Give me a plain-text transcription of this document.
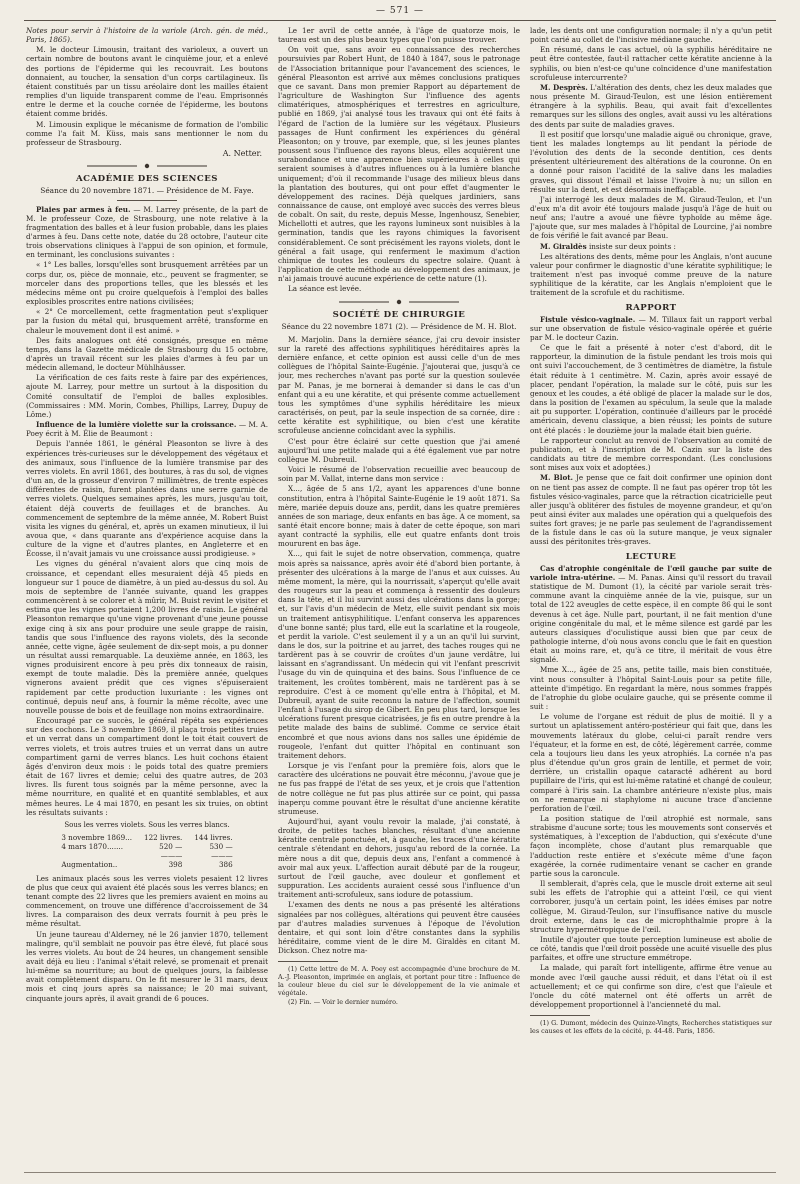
— 571 —

Notes pour servir à l'histoire de la variole (Arch. gén. de méd., Paris, 1865).

M. le docteur Limousin, traitant des varioleux, a ouvert un certain nombre de boutons avant le cinquième jour, et a enlevé des portions de l'épiderme qui les recouvrait. Les boutons donnaient, au toucher, la sensation d'un corps cartilagineux. Ils étaient constitués par un tissu aréolaire dont les mailles étaient remplies d'un liquide transparent comme de l'eau. Emprisonnés entre le derme et la couche cornée de l'épiderme, les boutons étaient comme bridés.

M. Limousin explique le mécanisme de formation de l'ombilic comme l'a fait M. Küss, mais sans mentionner le nom du professeur de Strasbourg.

A. Netter.
ACADÉMIE DES SCIENCES
Séance du 20 novembre 1871. — Présidence de M. Faye.

Plaies par armes à feu. — M. Larrey présente, de la part de M. le professeur Coze, de Strasbourg, une note relative à la fragmentation des balles et à leur fusion probable, dans les plaies d'armes à feu. Dans cette note, datée du 28 octobre, l'auteur cite trois observations cliniques à l'appui de son opinion, et formule, en terminant, les conclusions suivantes :

« 1° Les balles, lorsqu'elles sont brusquement arrêtées par un corps dur, os, pièce de monnaie, etc., peuvent se fragmenter, se morceler dans des proportions telles, que les blessés et les médecins même ont pu croire quelquefois à l'emploi des balles explosibles proscrites entre nations civilisées;

« 2° Ce morcellement, cette fragmentation peut s'expliquer par la fusion du métal qui, brusquement arrêté, transforme en chaleur le mouvement dont il est animé. »

Des faits analogues ont été consignés, presque en même temps, dans la Gazette médicale de Strasbourg du 15 octobre, d'après un travail récent sur les plaies d'armes à feu par un médecin allemand, le docteur Mühlhäusser.

La vérification de ces faits reste à faire par des expériences, ajoute M. Larrey, pour mettre un surtout à la disposition du Comité consultatif de l'emploi de balles explosibles. (Commissaires : MM. Morin, Combes, Phillips, Larrey, Dupuy de Lôme.)

Influence de la lumière violette sur la croissance. — M. A. Poey écrit à M. Élie de Beaumont :

Depuis l'année 1861, le général Pleasonton se livre à des expériences très-curieuses sur le développement des végétaux et des animaux, sous l'influence de la lumière transmise par des verres violets. En avril 1861, des boutures, à ras du sol, de vignes d'un an, de la grosseur d'environ 7 millimètres, de trente espèces différentes de raisin, furent plantées dans une serre garnie de verres violets. Quelques semaines après, les murs, jusqu'au toit, étaient déjà couverts de feuillages et de branches. Au commencement de septembre de la même année, M. Robert Buist visita les vignes du général, et, après un examen minutieux, il lui avoua que, « dans quarante ans d'expérience acquise dans la culture de la vigne et d'autres plantes, en Angleterre et en Écosse, il n'avait jamais vu une croissance aussi prodigieuse. »

Les vignes du général n'avaient alors que cinq mois de croissance, et cependant elles mesuraient déjà 45 pieds en longueur sur 1 pouce de diamètre, à un pied au-dessus du sol. Au mois de septembre de l'année suivante, quand les grappes commencèrent à se colorer et à mûrir, M. Buist revint le visiter et estima que les vignes portaient 1,200 livres de raisin. Le général Pleasonton remarque qu'une vigne provenant d'une jeune pousse exige cinq à six ans pour produire une seule grappe de raisin, tandis que sous l'influence des rayons violets, dès la seconde année, cette vigne, âgée seulement de dix-sept mois, a pu donner un résultat aussi remarquable. La deuxième année, en 1863, les vignes produisirent encore à peu près dix tonneaux de raisin, exempt de toute maladie. Dès la première année, quelques vignerons avaient prédit que ces vignes s'épuiseraient rapidement par cette production luxuriante : les vignes ont continué, depuis neuf ans, à fournir la même récolte, avec une nouvelle pousse de bois et de feuillage non moins extraordinaire.

Encouragé par ce succès, le général répéta ses expériences sur des cochons. Le 3 novembre 1869, il plaça trois petites truies et un verrat dans un compartiment dont le toit était couvert de verres violets, et trois autres truies et un verrat dans un autre compartiment garni de verres blancs. Les huit cochons étaient âgés d'environ deux mois : le poids total des quatre premiers était de 167 livres et demie; celui des quatre autres, de 203 livres. Ils furent tous soignés par la même personne, avec la même nourriture, en qualité et en quantité semblables, et aux mêmes heures. Le 4 mai 1870, en pesant les six truies, on obtint les résultats suivants :

Sous les verres violets. Sous les verres blancs.
3 novembre 1869...	122 livres.	144 livres.
4 mars 1870.......	520 —	530 —
	———	———
Augmentation..	398	386

Les animaux placés sous les verres violets pesaient 12 livres de plus que ceux qui avaient été placés sous les verres blancs; en tenant compte des 22 livres que les premiers avaient en moins au commencement, on trouve une différence d'accroissement de 34 livres. La comparaison des deux verrats fournit à peu près le même résultat.

Un jeune taureau d'Alderney, né le 26 janvier 1870, tellement malingre, qu'il semblait ne pouvoir pas être élevé, fut placé sous les verres violets. Au bout de 24 heures, un changement sensible avait déjà eu lieu : l'animal s'était relevé, se promenait et prenait lui-même sa nourriture; au bout de quelques jours, la faiblesse avait complètement disparu. On le fit mesurer le 31 mars, deux mois et cinq jours après sa naissance; le 20 mai suivant, cinquante jours après, il avait grandi de 6 pouces.

Le 1er avril de cette année, à l'âge de quatorze mois, le taureau est un des plus beaux types que l'on puisse trouver.

On voit que, sans avoir eu connaissance des recherches poursuivies par Robert Hunt, de 1840 à 1847, sous le patronage de l'Association britannique pour l'avancement des sciences, le général Pleasonton est arrivé aux mêmes conclusions pratiques que ce savant. Dans mon premier Rapport au département de l'agriculture de Washington Sur l'influence des agents climatériques, atmosphériques et terrestres en agriculture, publié en 1869, j'ai analysé tous les travaux qui ont été faits à l'égard de l'action de la lumière sur les végétaux. Plusieurs passages de Hunt confirment les expériences du général Pleasonton; on y trouve, par exemple, que, si les jeunes plantes poussent sous l'influence des rayons bleus, elles acquièrent une surabondance et une apparence bien supérieures à celles qui seraient soumises à d'autres influences ou à la lumière blanche uniquement; d'où il recommande l'usage des milieux bleus dans la plantation des boutures, qui ont pour effet d'augmenter le développement des racines. Déjà quelques jardiniers, sans connaissance de cause, ont employé avec succès des verres bleus de cobalt. On sait, du reste, depuis Messe, Ingenhousz, Senebier, Michellotti et autres, que les rayons lumineux sont nuisibles à la germination, tandis que les rayons chimiques la favorisent considérablement. Ce sont précisément les rayons violets, dont le général a fait usage, qui renferment le maximum d'action chimique de toutes les couleurs du spectre solaire. Quant à l'application de cette méthode au développement des animaux, je n'ai jamais trouvé aucune expérience de cette nature (1).

La séance est levée.

SOCIÉTÉ DE CHIRURGIE
Séance du 22 novembre 1871 (2). — Présidence de M. H. Blot.

M. Marjolin. Dans la dernière séance, j'ai cru devoir insister sur la rareté des affections syphilitiques héréditaires après la dernière enfance, et cette opinion est aussi celle d'un de mes collègues de l'hôpital Sainte-Eugénie. J'ajouterai que, jusqu'à ce jour, mes recherches n'avant pas porté sur la question soulevée par M. Panas, je me bornerai à demander si dans le cas d'un enfant qui a eu une kératite, et qui présente comme actuellement tous les symptômes d'une syphilis héréditaire les mieux caractérisés, on peut, par la seule inspection de sa cornée, dire : cette kératite est syphilitique, ou bien c'est une kératite scrofuleuse ancienne coïncidant avec la syphilis.

C'est pour être éclairé sur cette question que j'ai amené aujourd'hui une petite malade qui a été également vue par notre collègue M. Dubreuil.

Voici le résumé de l'observation recueillie avec beaucoup de soin par M. Vallat, interne dans mon service :

X..., âgée de 5 ans 1/2, ayant les apparences d'une bonne constitution, entra à l'hôpital Sainte-Eugénie le 19 août 1871. Sa mère, mariée depuis douze ans, perdit, dans les quatre premières années de son mariage, deux enfants en bas âge. A ce moment, sa santé était encore bonne; mais à dater de cette époque, son mari ayant contracté la syphilis, elle eut quatre enfants dont trois moururent en bas âge.

X..., qui fait le sujet de notre observation, commença, quatre mois après sa naissance, après avoir été d'abord bien portante, à présenter des ulcérations à la marge de l'anus et aux cuisses. Au même moment, la mère, qui la nourrissait, s'aperçut qu'elle avait des rougeurs sur la peau et commença à ressentir des douleurs dans la tête, et il lui survint aussi des ulcérations dans la gorge; et, sur l'avis d'un médecin de Metz, elle suivit pendant six mois un traitement antisyphilitique. L'enfant conserva les apparences d'une bonne santé; plus tard, elle eut la scarlatine et la rougeole, et perdit la variole. C'est seulement il y a un an qu'il lui survint, dans le dos, sur la poitrine et au jarret, des taches rouges qui ne tardèrent pas à se couvrir de croûtes d'un jaune verdâtre, lui laissant en s'agrandissant. Un médecin qui vit l'enfant prescrivit l'usage du vin de quinquina et des bains. Sous l'influence de ce traitement, les croûtes tombèrent, mais ne tardèrent pas à se reproduire. C'est à ce moment qu'elle entra à l'hôpital, et M. Dubreuil, ayant de suite reconnu la nature de l'affection, soumit l'enfant à l'usage du sirop de Gibert. En peu plus tard, lorsque les ulcérations furent presque cicatrisées, je fis en outre prendre à la petite malade des bains de sublimé. Comme ce service était encombré et que nous avions dans nos salles une épidémie de rougeole, l'enfant dut quitter l'hôpital en continuant son traitement dehors.

Lorsque je vis l'enfant pour la première fois, alors que le caractère des ulcérations ne pouvait être méconnu, j'avoue que je ne fus pas frappé de l'état de ses yeux, et je crois que l'attention de notre collègue ne fut pas plus attirée sur ce point, qui passa inaperçu comme pouvant être le résultat d'une ancienne kératite strumeuse.

Aujourd'hui, ayant voulu revoir la malade, j'ai constaté, à droite, de petites taches blanches, résultant d'une ancienne kératite centrale ponctuée, et, à gauche, les traces d'une kératite centrale s'étendant en dehors, jusqu'au rebord de la cornée. La mère nous a dit que, depuis deux ans, l'enfant a commencé à avoir mal aux yeux. L'affection aurait débuté par de la rougeur, surtout de l'œil gauche, avec douleur et gonflement et suppuration. Les accidents auraient cessé sous l'influence d'un traitement anti-scrofuleux, sans iodure de potassium.

L'examen des dents ne nous a pas présenté les altérations signalées par nos collègues, altérations qui peuvent être causées par d'autres maladies survenues à l'époque de l'évolution dentaire, et qui sont loin d'être constantes dans la syphilis héréditaire, comme vient de le dire M. Giraldès en citant M. Dickson. Chez notre ma-

(1) Cette lettre de M. A. Poey est accompagnée d'une brochure de M. A.-J. Pleasonton, imprimée en anglais, et portant pour titre : Influence de la couleur bleue du ciel sur le développement de la vie animale et végétale.

(2) Fin. — Voir le dernier numéro.

lade, les dents ont une configuration normale; il n'y a qu'un petit point carié au collet de l'incisive médiane gauche.

En résumé, dans le cas actuel, où la syphilis héréditaire ne peut être contestée, faut-il rattacher cette kératite ancienne à la syphilis, ou bien n'est-ce qu'une coïncidence d'une manifestation scrofuleuse intercurrente?

M. Desprès. L'altération des dents, chez les deux malades que nous présente M. Giraud-Teulon, est une lésion entièrement étrangère à la syphilis. Beau, qui avait fait d'excellentes remarques sur les sillons des ongles, avait aussi vu les altérations des dents par suite de maladies graves.

Il est positif que lorsqu'une maladie aiguë ou chronique, grave, tient les malades longtemps au lit pendant la période de l'évolution des dents de la seconde dentition, ces dents présentent ultérieurement des altérations de la couronne. On en a donné pour raison l'acidité de la salive dans les maladies graves, qui dissout l'émail et laisse l'ivoire à nu; un sillon en résulte sur la dent, et est désormais ineffaçable.

J'ai interrogé les deux malades de M. Giraud-Teulon, et l'un d'eux m'a dit avoir été toujours malade jusqu'à l'âge de huit ou neuf ans; l'autre a avoué une fièvre typhoïde au même âge. J'ajoute que, sur mes malades à l'hôpital de Lourcine, j'ai nombre de fois vérifié le fait avancé par Beau.

M. Giraldès insiste sur deux points :

Les altérations des dents, même pour les Anglais, n'ont aucune valeur pour confirmer le diagnostic d'une kératite syphilitique; le traitement n'est pas invoqué comme preuve de la nature syphilitique de la kératite, car les Anglais n'emploient que le traitement de la scrofule et du rachitisme.

RAPPORT

Fistule vésico-vaginale. — M. Tillaux fait un rapport verbal sur une observation de fistule vésico-vaginale opérée et guérie par M. le docteur Cazin.

Ce que le fait a présenté à noter c'est d'abord, dit le rapporteur, la diminution de la fistule pendant les trois mois qui ont suivi l'accouchement, de 3 centimètres de diamètre, la fistule était réduite à 1 centimètre. M. Cazin, après avoir essayé de placer, pendant l'opération, la malade sur le côté, puis sur les genoux et les coudes, a été obligé de placer la malade sur le dos, dans la position de l'examen au spéculum, la seule que la malade ait pu supporter. L'opération, continuée d'ailleurs par le procédé américain, devenu classique, a bien réussi; les points de suture ont été placés : le douzième jour la malade était bien guérie.

Le rapporteur conclut au renvoi de l'observation au comité de publication, et à l'inscription de M. Cazin sur la liste des candidats au titre de membre correspondant. (Les conclusions sont mises aux voix et adoptées.)

M. Blot. Je pense que ce fait doit confirmer une opinion dont on ne tient pas assez de compte. Il ne faut pas opérer trop tôt les fistules vésico-vaginales, parce que la rétraction cicatricielle peut aller jusqu'à oblitérer des fistules de moyenne grandeur, et qu'on peut ainsi éviter aux malades une opération qui a quelquefois des suites fort graves; je ne parle pas seulement de l'agrandissement de la fistule dans le cas où la suture manque, je veux signaler aussi des péritonites très-graves.

LECTURE

Cas d'atrophie congénitale de l'œil gauche par suite de variole intra-utérine. — M. Panas. Ainsi qu'il ressort du travail statistique de M. Dumont (1), la cécité par variole serait très-commune avant la cinquième année de la vie, puisque, sur un total de 122 aveugles de cette espèce, il en compte 86 qui le sont devenus à cet âge. Nulle part, pourtant, il ne fait mention d'une origine congénitale du mal, et le même silence est gardé par les auteurs classiques d'oculistique aussi bien que par ceux de pathologie interne, d'où nous avons conclu que le fait en question était au moins rare, et, qu'à ce titre, il méritait de vous être signalé.

Mme X..., âgée de 25 ans, petite taille, mais bien constituée, vint nous consulter à l'hôpital Saint-Louis pour sa petite fille, atteinte d'impétigo. En regardant la mère, nous sommes frappés de l'atrophie du globe oculaire gauche, qui se présente comme il suit :

Le volume de l'organe est réduit de plus de moitié. Il y a surtout un aplatissement antéro-postérieur qui fait que, dans les mouvements latéraux du globe, celui-ci paraît rendre vers l'équateur, et la forme en est, de côté, légèrement carrée, comme cela a toujours lieu dans les yeux atrophiés. La cornée n'a pas plus d'étendue qu'un gros grain de lentille, et permet de voir, derrière, un cristallin opaque cataracté adhérent au bord pupillaire de l'iris, qui est lui-même ratatiné et changé de couleur, comparé à l'iris sain. La chambre antérieure n'existe plus, mais on ne remarque ni staphylome ni aucune trace d'ancienne perforation de l'œil.

La position statique de l'œil atrophié est normale, sans strabisme d'aucune sorte; tous les mouvements sont conservés et systématiques, à l'exception de l'abduction, qui s'exécute d'une façon incomplète, chose d'autant plus remarquable que l'adduction reste entière et s'exécute même d'une façon exagérée, la cornée rudimentaire venant se cacher en grande partie sous la caroncule.

Il semblerait, d'après cela, que le muscle droit externe ait seul subi les effets de l'atrophie qui a atteint l'œil, ce qui vient corroborer, jusqu'à un certain point, les idées émises par notre collègue, M. Giraud-Teulon, sur l'insuffisance native du muscle droit externe, dans le cas de microphthalmie propre à la structure hypermétropique de l'œil.

Inutile d'ajouter que toute perception lumineuse est abolie de ce côté, tandis que l'œil droit possède une acuité visuelle des plus parfaites, et offre une structure emmétrope.

La malade, qui paraît fort intelligente, affirme être venue au monde avec l'œil gauche aussi réduit, et dans l'état où il est actuellement; et ce qui confirme son dire, c'est que l'aïeule et l'oncle du côté maternel ont été offerts un arrêt de développement proportionnel à l'ancienneté du mal.

(1) G. Dumont, médecin des Quinze-Vingts, Recherches statistiques sur les causes et les effets de la cécité, p. 44-48. Paris, 1856.
